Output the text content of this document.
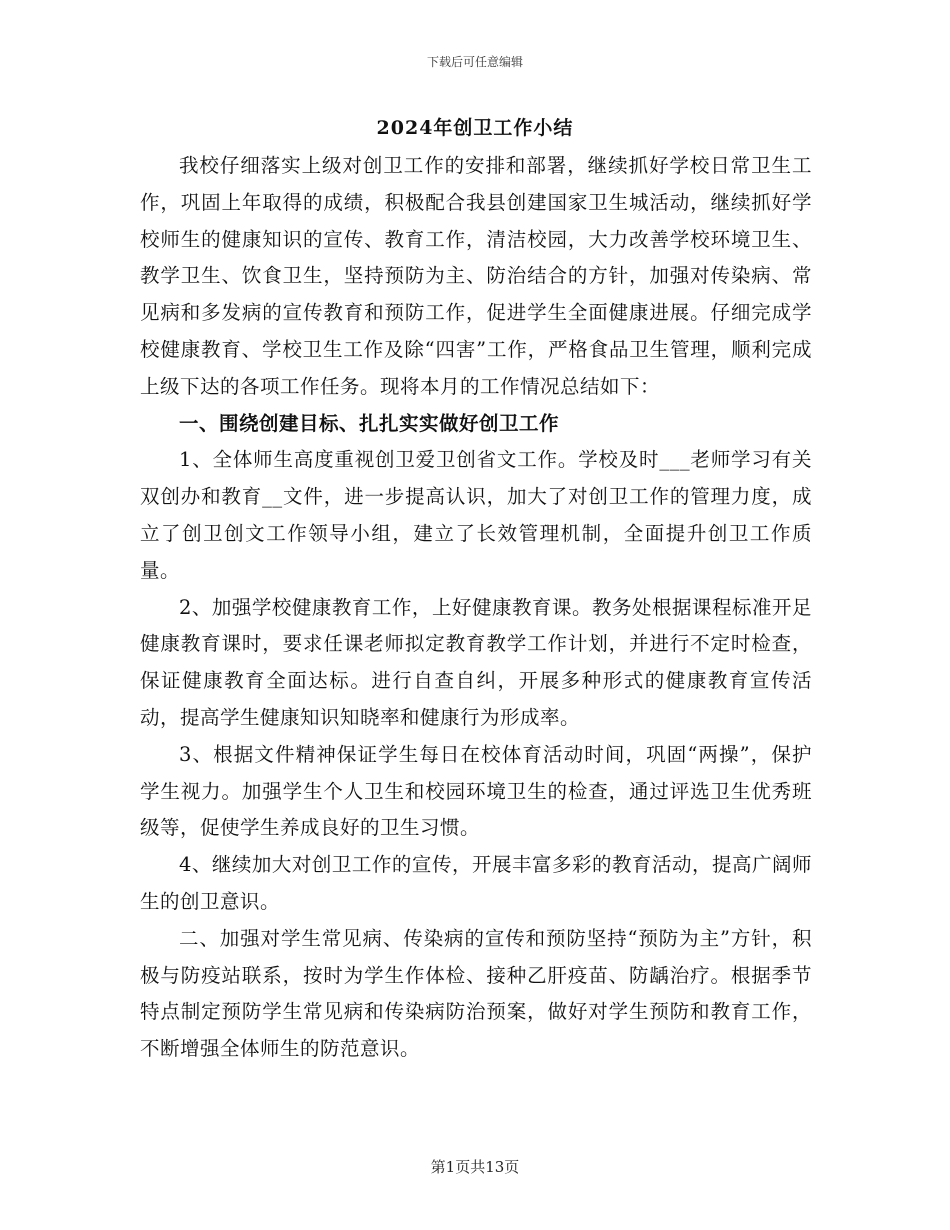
下载后可任意编辑
2024年创卫工作小结

我校仔细落实上级对创卫工作的安排和部署，继续抓好学校日常卫生工作，巩固上年取得的成绩，积极配合我县创建国家卫生城活动，继续抓好学校师生的健康知识的宣传、教育工作，清洁校园，大力改善学校环境卫生、教学卫生、饮食卫生，坚持预防为主、防治结合的方针，加强对传染病、常见病和多发病的宣传教育和预防工作，促进学生全面健康进展。仔细完成学校健康教育、学校卫生工作及除“四害”工作，严格食品卫生管理，顺利完成上级下达的各项工作任务。现将本月的工作情况总结如下：

一、围绕创建目标、扎扎实实做好创卫工作

1、全体师生高度重视创卫爱卫创省文工作。学校及时___老师学习有关双创办和教育__文件，进一步提高认识，加大了对创卫工作的管理力度，成立了创卫创文工作领导小组，建立了长效管理机制，全面提升创卫工作质量。

2、加强学校健康教育工作，上好健康教育课。教务处根据课程标准开足健康教育课时，要求任课老师拟定教育教学工作计划，并进行不定时检查，保证健康教育全面达标。进行自查自纠，开展多种形式的健康教育宣传活动，提高学生健康知识知晓率和健康行为形成率。

3、根据文件精神保证学生每日在校体育活动时间，巩固“两操”，保护学生视力。加强学生个人卫生和校园环境卫生的检查，通过评选卫生优秀班级等，促使学生养成良好的卫生习惯。

4、继续加大对创卫工作的宣传，开展丰富多彩的教育活动，提高广阔师生的创卫意识。

二、加强对学生常见病、传染病的宣传和预防坚持“预防为主”方针，积极与防疫站联系，按时为学生作体检、接种乙肝疫苗、防龋治疗。根据季节特点制定预防学生常见病和传染病防治预案，做好对学生预防和教育工作，不断增强全体师生的防范意识。

第1页共13页
